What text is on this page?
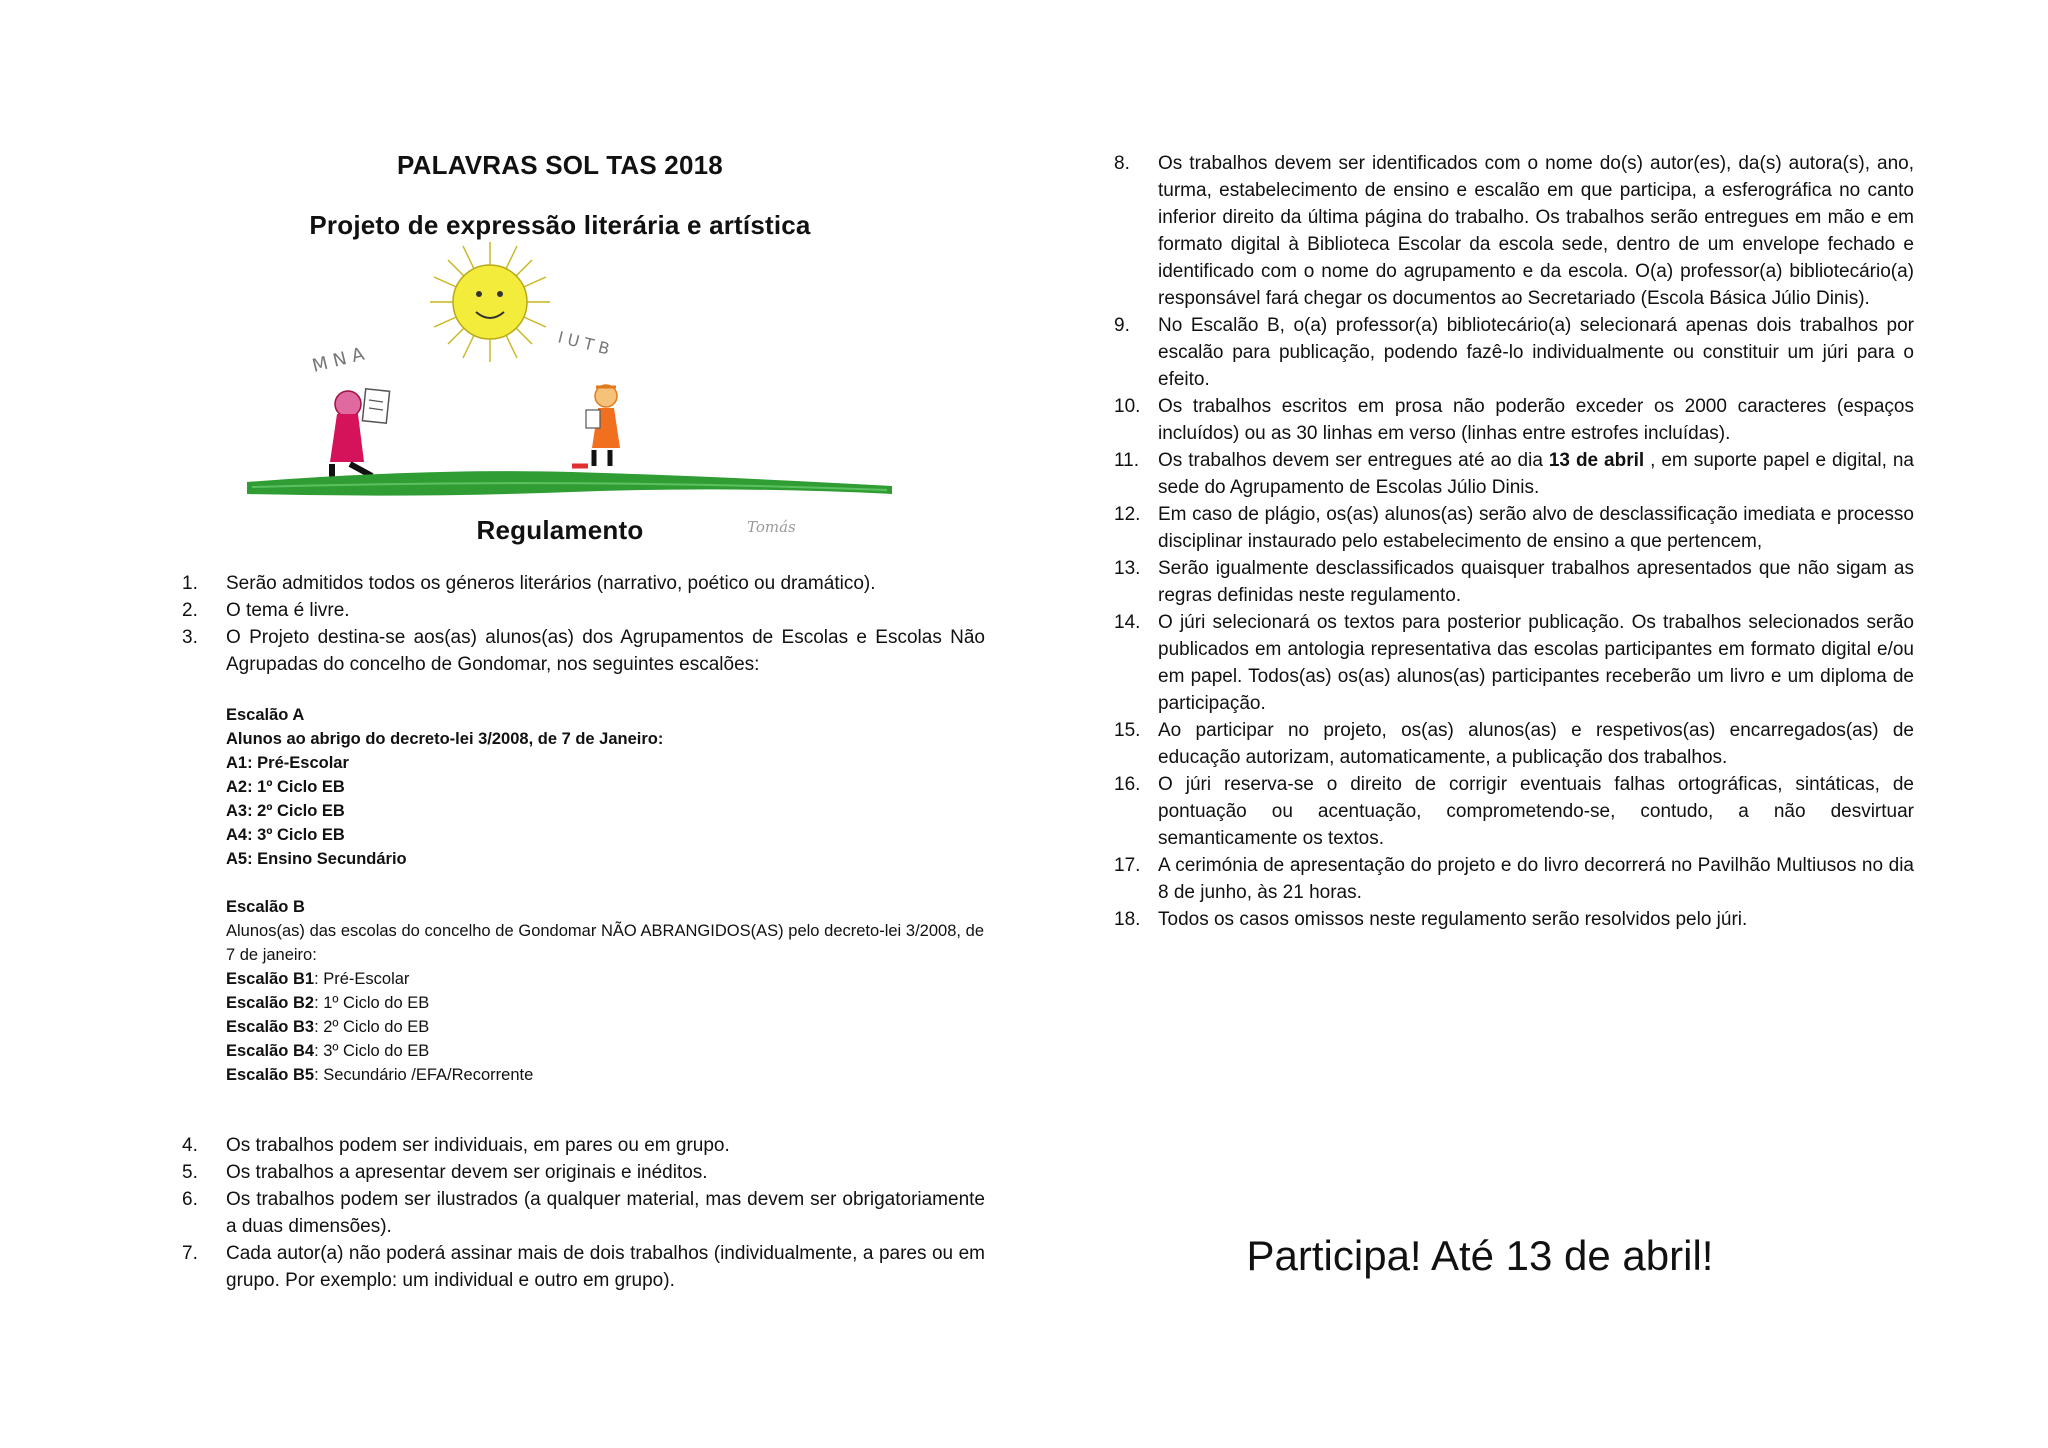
PALAVRAS SOL TAS 2018
Projeto de expressão literária e artística
M N A
I U T B
Tomás
Regulamento
1. Serão admitidos todos os géneros literários (narrativo, poético ou dramático).
2. O tema é livre.
3. O Projeto destina-se aos(as) alunos(as) dos Agrupamentos de Escolas e Escolas Não Agrupadas do concelho de Gondomar, nos seguintes escalões:
Escalão A
Alunos ao abrigo do decreto-lei 3/2008, de 7 de Janeiro:
A1: Pré-Escolar
A2: 1º Ciclo EB
A3: 2º Ciclo EB
A4: 3º Ciclo EB
A5: Ensino Secundário
Escalão B
Alunos(as) das escolas do concelho de Gondomar NÃO ABRANGIDOS(AS) pelo decreto-lei 3/2008, de 7 de janeiro:
Escalão B1: Pré-Escolar
Escalão B2: 1º Ciclo do EB
Escalão B3: 2º Ciclo do EB
Escalão B4: 3º Ciclo do EB
Escalão B5: Secundário /EFA/Recorrente
4. Os trabalhos podem ser individuais, em pares ou em grupo.
5. Os trabalhos a apresentar devem ser originais e inéditos.
6. Os trabalhos podem ser ilustrados (a qualquer material, mas devem ser obrigatoriamente a duas dimensões).
7. Cada autor(a) não poderá assinar mais de dois trabalhos (individualmente, a pares ou em grupo. Por exemplo: um individual e outro em grupo).
8. Os trabalhos devem ser identificados com o nome do(s) autor(es), da(s) autora(s), ano, turma, estabelecimento de ensino e escalão em que participa, a esferográfica no canto inferior direito da última página do trabalho. Os trabalhos serão entregues em mão e em formato digital à Biblioteca Escolar da escola sede, dentro de um envelope fechado e identificado com o nome do agrupamento e da escola. O(a) professor(a) bibliotecário(a) responsável fará chegar os documentos ao Secretariado (Escola Básica Júlio Dinis).
9. No Escalão B, o(a) professor(a) bibliotecário(a) selecionará apenas dois trabalhos por escalão para publicação, podendo fazê-lo individualmente ou constituir um júri para o efeito.
10. Os trabalhos escritos em prosa não poderão exceder os 2000 caracteres (espaços incluídos) ou as 30 linhas em verso (linhas entre estrofes incluídas).
11. Os trabalhos devem ser entregues até ao dia 13 de abril , em suporte papel e digital, na sede do Agrupamento de Escolas Júlio Dinis.
12. Em caso de plágio, os(as) alunos(as) serão alvo de desclassificação imediata e processo disciplinar instaurado pelo estabelecimento de ensino a que pertencem,
13. Serão igualmente desclassificados quaisquer trabalhos apresentados que não sigam as regras definidas neste regulamento.
14. O júri selecionará os textos para posterior publicação. Os trabalhos selecionados serão publicados em antologia representativa das escolas participantes em formato digital e/ou em papel. Todos(as) os(as) alunos(as) participantes receberão um livro e um diploma de participação.
15. Ao participar no projeto, os(as) alunos(as) e respetivos(as) encarregados(as) de educação autorizam, automaticamente, a publicação dos trabalhos.
16. O júri reserva-se o direito de corrigir eventuais falhas ortográficas, sintáticas, de pontuação ou acentuação, comprometendo-se, contudo, a não desvirtuar semanticamente os textos.
17. A cerimónia de apresentação do projeto e do livro decorrerá no Pavilhão Multiusos no dia 8 de junho, às 21 horas.
18. Todos os casos omissos neste regulamento serão resolvidos pelo júri.
Participa! Até 13 de abril!
